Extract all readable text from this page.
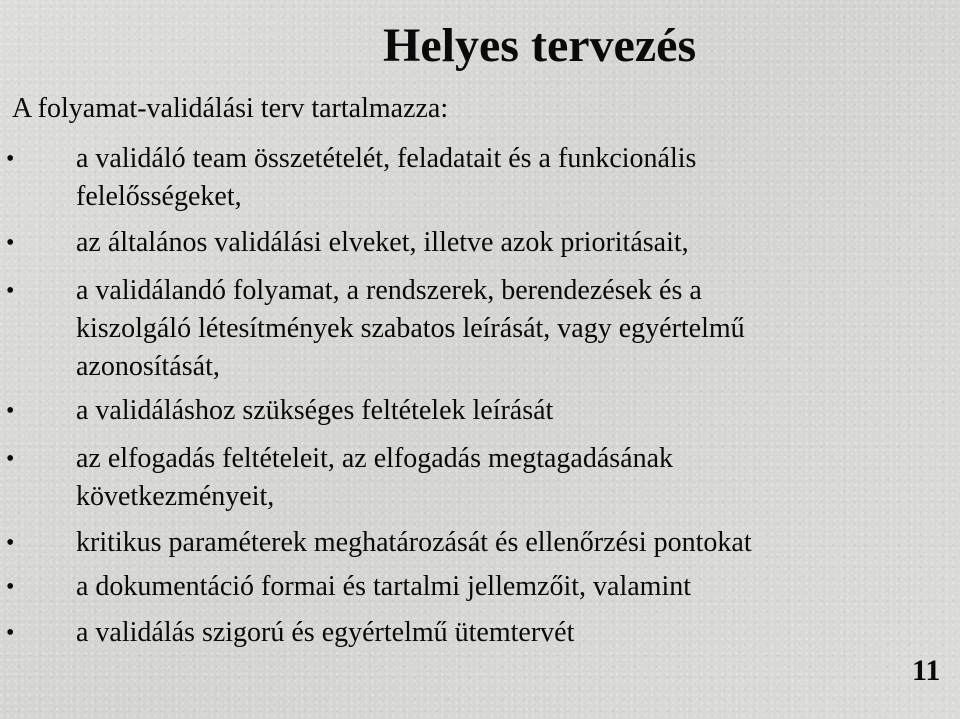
Helyes tervezés
A folyamat-validálási terv tartalmazza:
• a validáló team összetételét, feladatait és a funkcionális
felelősségeket,
• az általános validálási elveket, illetve azok prioritásait,
• a validálandó folyamat, a rendszerek, berendezések és a
kiszolgáló létesítmények szabatos leírását, vagy egyértelmű
azonosítását,
• a validáláshoz szükséges feltételek leírását
• az elfogadás feltételeit, az elfogadás megtagadásának
következményeit,
• kritikus paraméterek meghatározását és ellenőrzési pontokat
• a dokumentáció formai és tartalmi jellemzőit, valamint
• a validálás szigorú és egyértelmű ütemtervét
11
